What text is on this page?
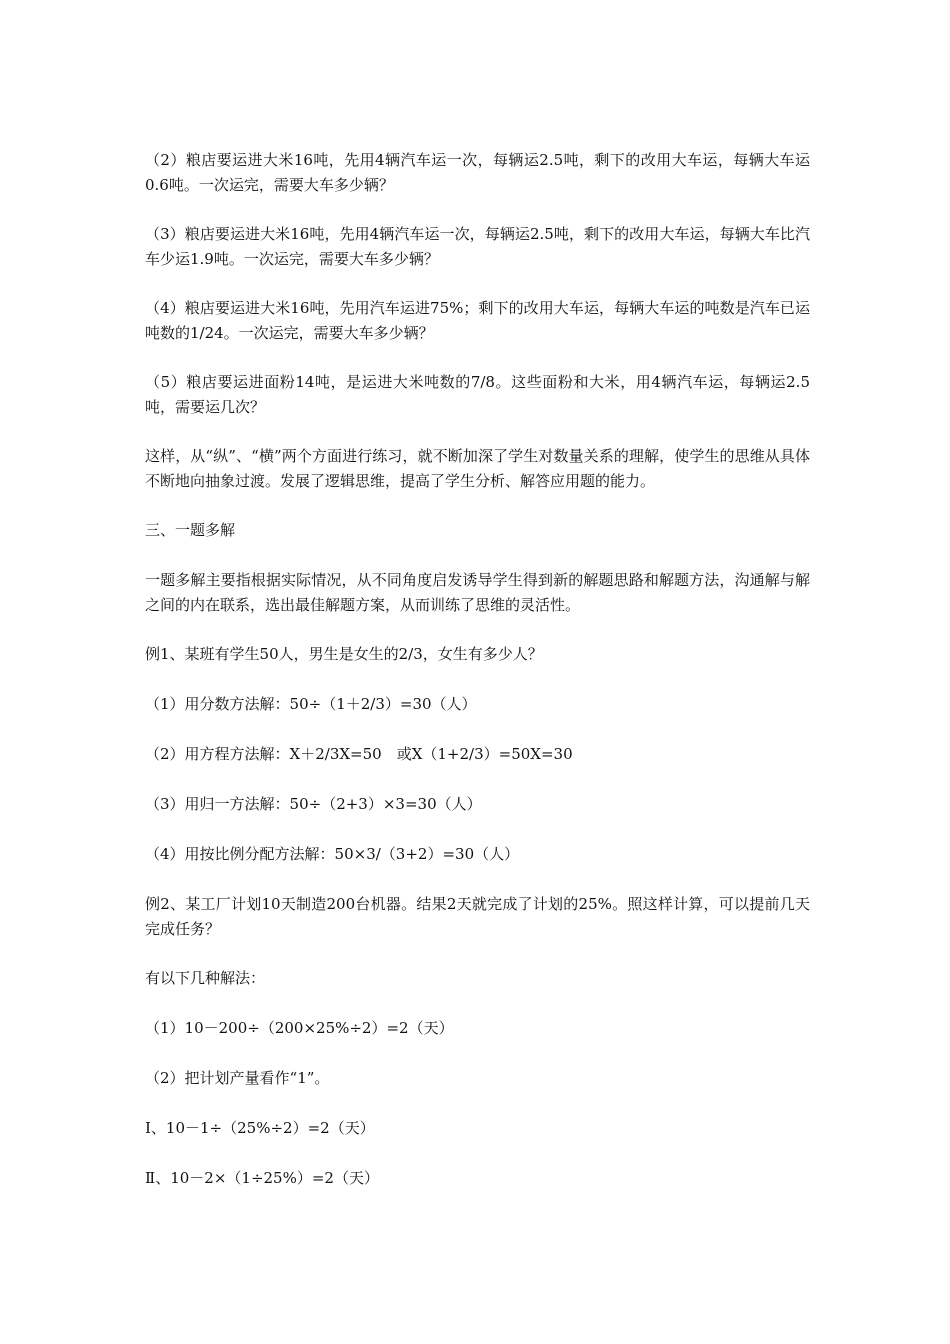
（2）粮店要运进大米16吨，先用4辆汽车运一次，每辆运2.5吨，剩下的改用大车运，每辆大车运0.6吨。一次运完，需要大车多少辆？

（3）粮店要运进大米16吨，先用4辆汽车运一次，每辆运2.5吨，剩下的改用大车运，每辆大车比汽车少运1.9吨。一次运完，需要大车多少辆？

（4）粮店要运进大米16吨，先用汽车运进75%；剩下的改用大车运，每辆大车运的吨数是汽车已运吨数的1/24。一次运完，需要大车多少辆？

（5）粮店要运进面粉14吨，是运进大米吨数的7/8。这些面粉和大米，用4辆汽车运，每辆运2.5吨，需要运几次？

这样，从“纵”、“横”两个方面进行练习，就不断加深了学生对数量关系的理解，使学生的思维从具体不断地向抽象过渡。发展了逻辑思维，提高了学生分析、解答应用题的能力。

三、一题多解

一题多解主要指根据实际情况，从不同角度启发诱导学生得到新的解题思路和解题方法，沟通解与解之间的内在联系，选出最佳解题方案，从而训练了思维的灵活性。

例1、某班有学生50人，男生是女生的2/3，女生有多少人？

（1）用分数方法解：50÷（1＋2/3）=30（人）

（2）用方程方法解：X＋2/3X=50　或X（1+2/3）=50X=30

（3）用归一方法解：50÷（2+3）×3=30（人）

（4）用按比例分配方法解：50×3/（3+2）=30（人）

例2、某工厂计划10天制造200台机器。结果2天就完成了计划的25%。照这样计算，可以提前几天完成任务？

有以下几种解法：

（1）10－200÷（200×25%÷2）=2（天）

（2）把计划产量看作“1”。

Ⅰ、10－1÷（25%÷2）=2（天）

Ⅱ、10－2×（1÷25%）=2（天）
